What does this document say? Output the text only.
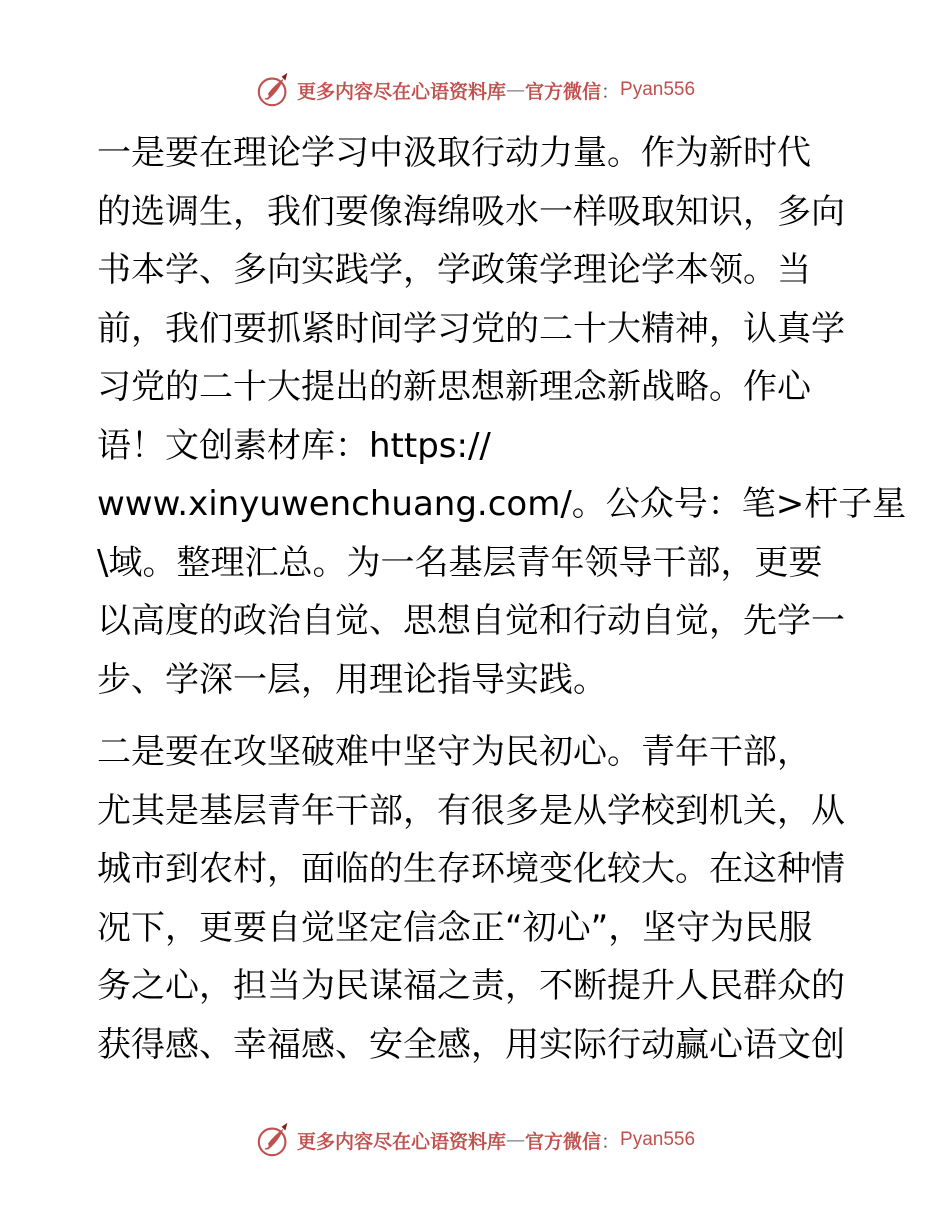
更多内容尽在心语资料库 — 官方微信 ： Pyan556
一是要在理论学习中汲取行动力量。作为新时代
的选调生，我们要像海绵吸水一样吸取知识，多向
书本学、多向实践学，学政策学理论学本领。当
前，我们要抓紧时间学习党的二十大精神，认真学
习党的二十大提出的新思想新理念新战略。作心
语！文创素材库：https://
www.xinyuwenchuang.com/。公众号：笔>杆子星
\域。整理汇总。为一名基层青年领导干部，更要
以高度的政治自觉、思想自觉和行动自觉，先学一
步、学深一层，用理论指导实践。
二是要在攻坚破难中坚守为民初心。青年干部，
尤其是基层青年干部，有很多是从学校到机关，从
城市到农村，面临的生存环境变化较大。在这种情
况下，更要自觉坚定信念正“初心”，坚守为民服
务之心，担当为民谋福之责，不断提升人民群众的
获得感、幸福感、安全感，用实际行动赢心语文创
更多内容尽在心语资料库 — 官方微信 ： Pyan556
